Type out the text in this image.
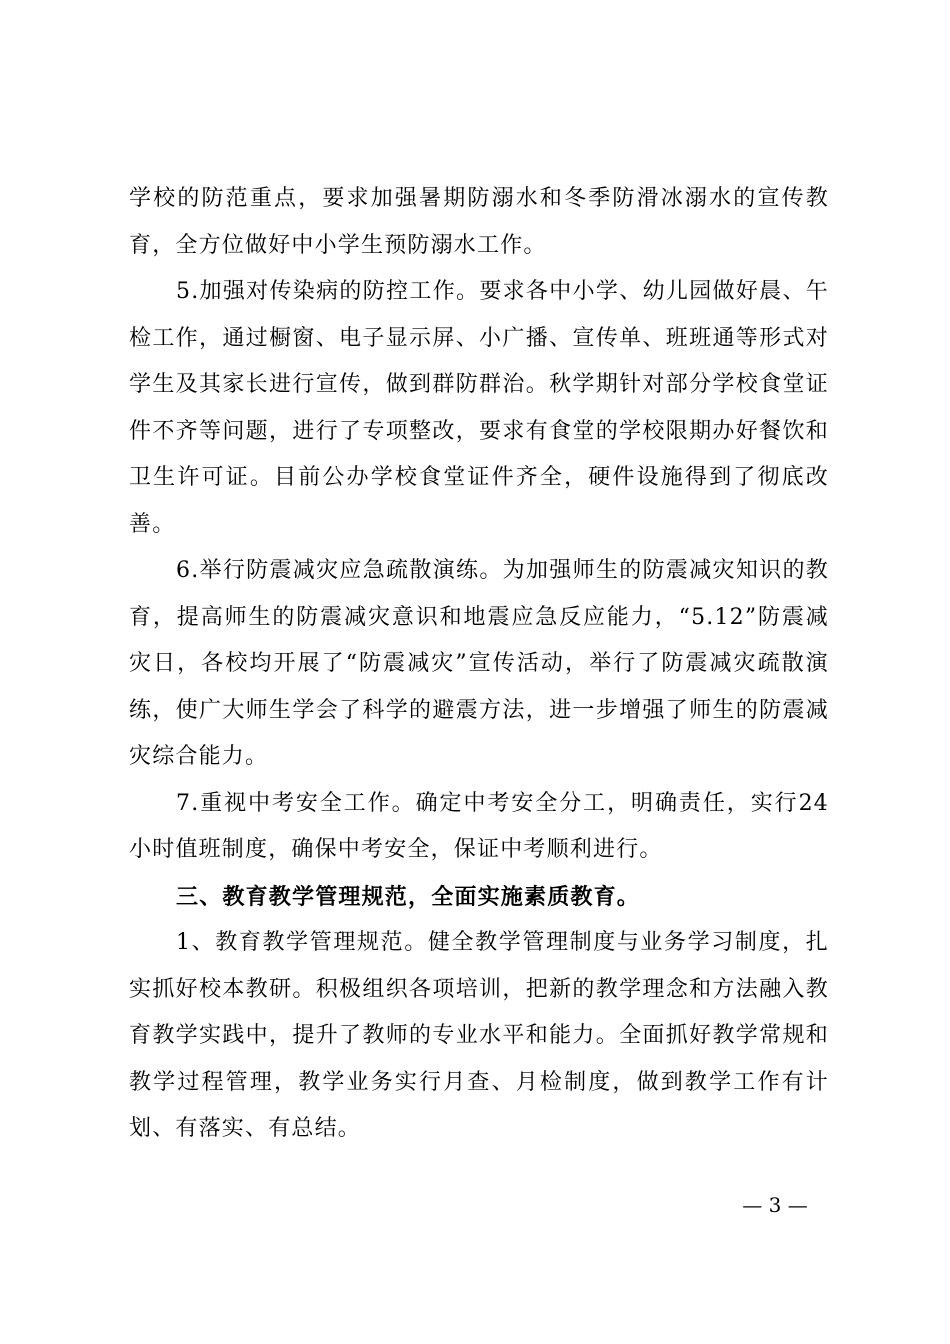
学校的防范重点，要求加强暑期防溺水和冬季防滑冰溺水的宣传教育，全方位做好中小学生预防溺水工作。

5.加强对传染病的防控工作。要求各中小学、幼儿园做好晨、午检工作，通过橱窗、电子显示屏、小广播、宣传单、班班通等形式对学生及其家长进行宣传，做到群防群治。秋学期针对部分学校食堂证件不齐等问题，进行了专项整改，要求有食堂的学校限期办好餐饮和卫生许可证。目前公办学校食堂证件齐全，硬件设施得到了彻底改善。

6.举行防震减灾应急疏散演练。为加强师生的防震减灾知识的教育，提高师生的防震减灾意识和地震应急反应能力，“5.12”防震减灾日，各校均开展了“防震减灾”宣传活动，举行了防震减灾疏散演练，使广大师生学会了科学的避震方法，进一步增强了师生的防震减灾综合能力。

7.重视中考安全工作。确定中考安全分工，明确责任，实行24小时值班制度，确保中考安全，保证中考顺利进行。

三、教育教学管理规范，全面实施素质教育。

1、教育教学管理规范。健全教学管理制度与业务学习制度，扎实抓好校本教研。积极组织各项培训，把新的教学理念和方法融入教育教学实践中，提升了教师的专业水平和能力。全面抓好教学常规和教学过程管理，教学业务实行月查、月检制度，做到教学工作有计划、有落实、有总结。

— 3 —
